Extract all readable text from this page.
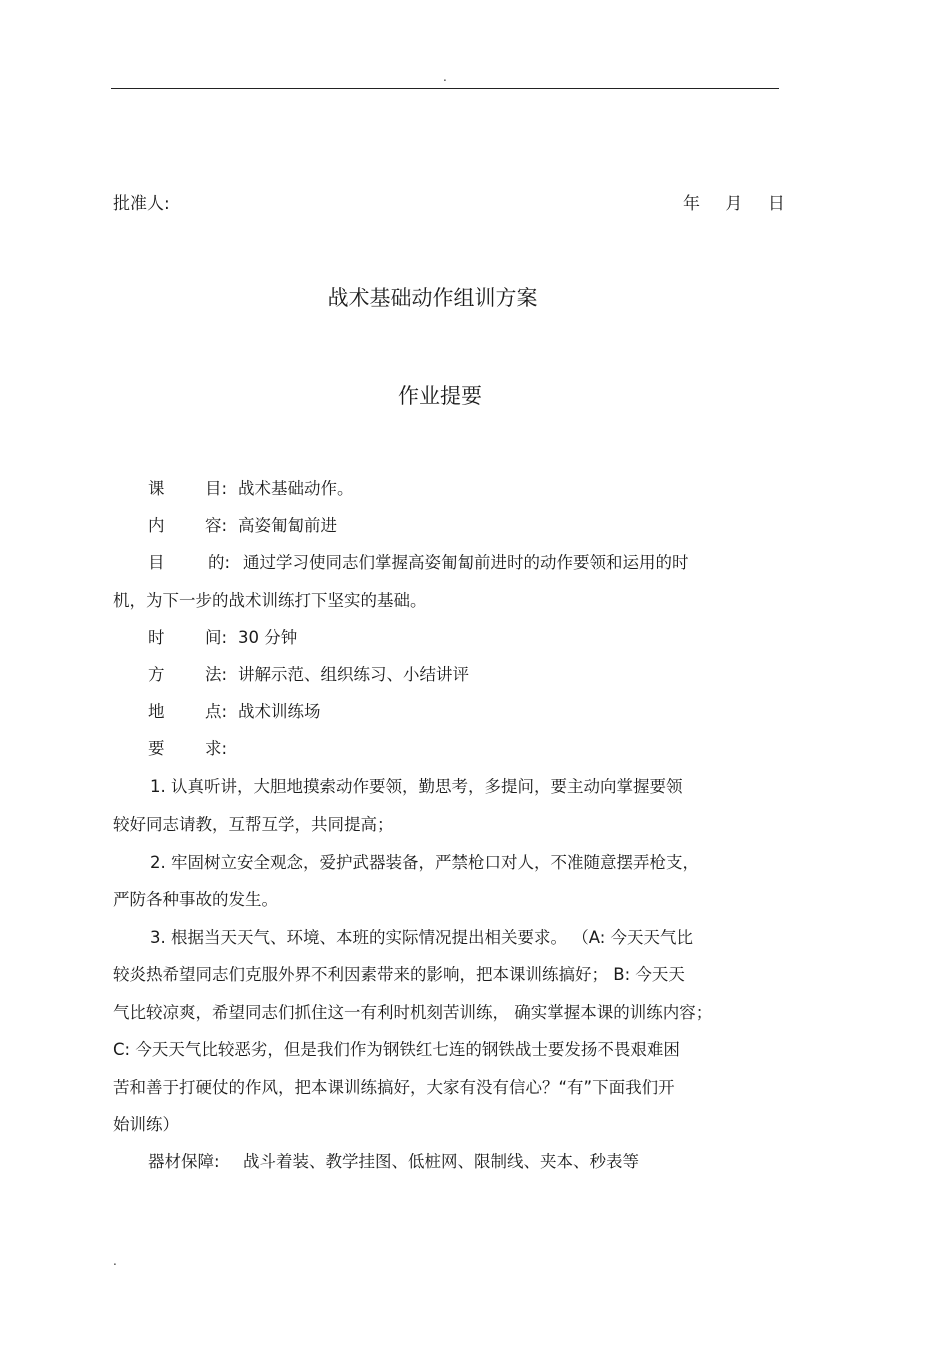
.
批准人:	年 月 日
战术基础动作组训方案
作业提要
课 目: 战术基础动作。
内 容: 高姿匍匐前进
目	的: 通过学习使同志们掌握高姿匍匐前进时的动作要领和运用的时
机，为下一步的战术训练打下坚实的基础。
时 间: 30 分钟
方 法: 讲解示范、组织练习、小结讲评
地 点: 战术训练场
要 求:
1. 认真听讲，大胆地摸索动作要领，勤思考，多提问，要主动向掌握要领
较好同志请教，互帮互学，共同提高；
2. 牢固树立安全观念，爱护武器装备，严禁枪口对人，不准随意摆弄枪支，
严防各种事故的发生。
3. 根据当天天气、环境、本班的实际情况提出相关要求。 （A: 今天天气比
较炎热希望同志们克服外界不利因素带来的影响，把本课训练搞好； B: 今天天
气比较凉爽，希望同志们抓住这一有利时机刻苦训练， 确实掌握本课的训练内容；
C: 今天天气比较恶劣，但是我们作为钢铁红七连的钢铁战士要发扬不畏艰难困
苦和善于打硬仗的作风，把本课训练搞好，大家有没有信心？“有”下面我们开
始训练）
器材保障: 战斗着装、教学挂图、低桩网、限制线、夹本、秒表等
.
